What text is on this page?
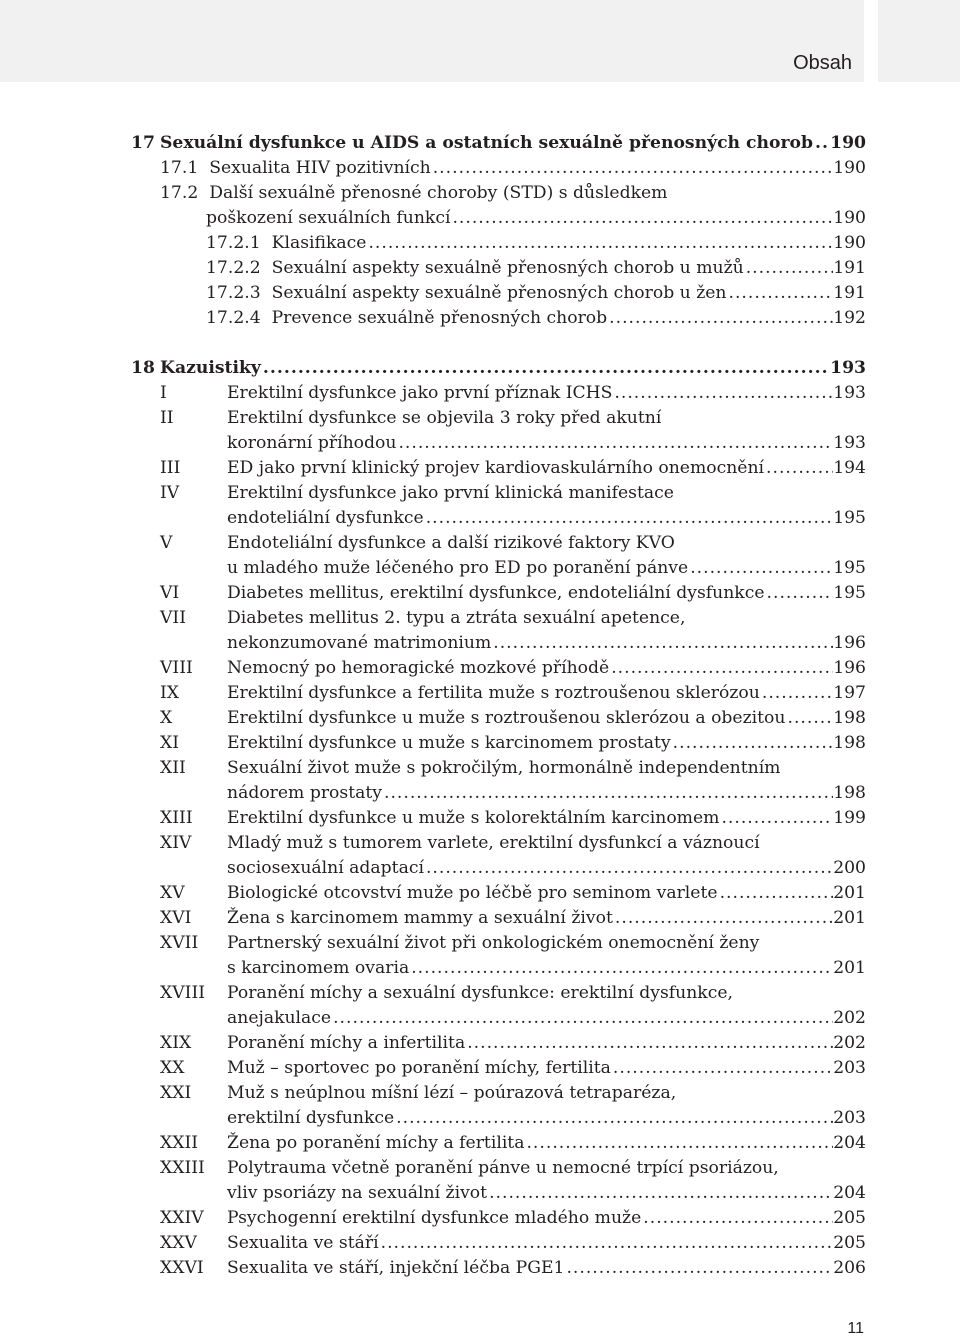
Obsah
17 Sexuální dysfunkce u AIDS a ostatních sexuálně přenosných chorob ..... 190
17.1 Sexualita HIV pozitivních .....	190
17.2 Další sexuálně přenosné choroby (STD) s důsledkem
poškození sexuálních funkcí .....	190
17.2.1 Klasifikace .....	190
17.2.2 Sexuální aspekty sexuálně přenosných chorob u mužů .....	191
17.2.3 Sexuální aspekty sexuálně přenosných chorob u žen .....	191
17.2.4 Prevence sexuálně přenosných chorob .....	192
18 Kazuistiky .....	193
I	Erektilní dysfunkce jako první příznak ICHS .....	193
II	Erektilní dysfunkce se objevila 3 roky před akutní
koronární příhodou .....	193
III	ED jako první klinický projev kardiovaskulárního onemocnění .....	194
IV	Erektilní dysfunkce jako první klinická manifestace
endoteliální dysfunkce .....	195
V	Endoteliální dysfunkce a další rizikové faktory KVO
u mladého muže léčeného pro ED po poranění pánve .....	195
VI	Diabetes mellitus, erektilní dysfunkce, endoteliální dysfunkce .....	195
VII Diabetes mellitus 2. typu a ztráta sexuální apetence,
nekonzumované matrimonium .....	196
VIII Nemocný po hemoragické mozkové příhodě .....	196
IX	Erektilní dysfunkce a fertilita muže s roztroušenou sklerózou .....	197
X	Erektilní dysfunkce u muže s roztroušenou sklerózou a obezitou .....	198
XI	Erektilní dysfunkce u muže s karcinomem prostaty .....	198
XII Sexuální život muže s pokročilým, hormonálně independentním
nádorem prostaty .....	198
XIII Erektilní dysfunkce u muže s kolorektálním karcinomem .....	199
XIV Mladý muž s tumorem varlete, erektilní dysfunkcí a váznoucí
sociosexuální adaptací .....	200
XV Biologické otcovství muže po léčbě pro seminom varlete .....	201
XVI Žena s karcinomem mammy a sexuální život .....	201
XVII Partnerský sexuální život při onkologickém onemocnění ženy
s karcinomem ovaria .....	201
XVIII Poranění míchy a sexuální dysfunkce: erektilní dysfunkce,
anejakulace .....	202
XIX Poranění míchy a infertilita .....	202
XX Muž – sportovec po poranění míchy, fertilita .....	203
XXI Muž s neúplnou míšní lézí – poúrazová tetraparéza,
erektilní dysfunkce .....	203
XXII Žena po poranění míchy a fertilita .....	204
XXIII Polytrauma včetně poranění pánve u nemocné trpící psoriázou,
vliv psoriázy na sexuální život .....	204
XXIV Psychogenní erektilní dysfunkce mladého muže .....	205
XXV Sexualita ve stáří .....	205
XXVI Sexualita ve stáří, injekční léčba PGE1 .....	206
11
